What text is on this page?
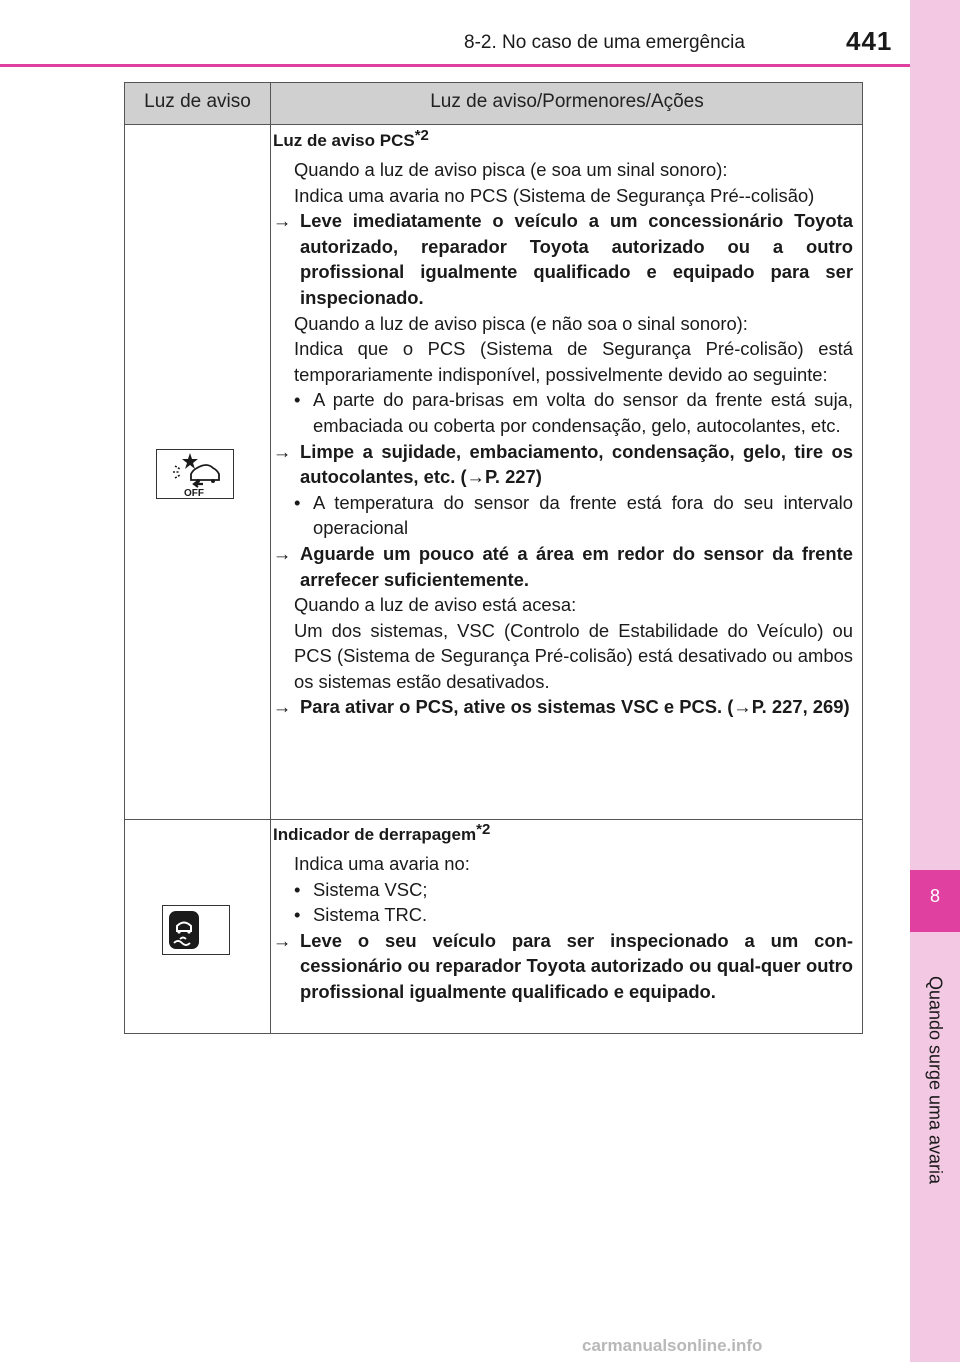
8-2. No caso de uma emergência	441
8
Quando surge uma avaria
Luz de aviso	Luz de aviso/Pormenores/Ações
OFF
Luz de aviso PCS$^{*2}$
Quando a luz de aviso pisca (e soa um sinal sonoro):
Indica uma avaria no PCS (Sistema de Segurança Pré--colisão)
→ Leve imediatamente o veículo a um concessionário Toyota autorizado, reparador Toyota autorizado ou a outro profissional igualmente qualificado e equipado para ser inspecionado.
Quando a luz de aviso pisca (e não soa o sinal sonoro):
Indica que o PCS (Sistema de Segurança Pré-colisão) está temporariamente indisponível, possivelmente devido ao seguinte:
• A parte do para-brisas em volta do sensor da frente está suja, embaciada ou coberta por condensação, gelo, autocolantes, etc.
→ Limpe a sujidade, embaciamento, condensação, gelo, tire os autocolantes, etc. (→P. 227)
• A temperatura do sensor da frente está fora do seu intervalo operacional
→ Aguarde um pouco até a área em redor do sensor da frente arrefecer suficientemente.
Quando a luz de aviso está acesa:
Um dos sistemas, VSC (Controlo de Estabilidade do Veículo) ou PCS (Sistema de Segurança Pré-colisão) está desativado ou ambos os sistemas estão desativados.
→ Para ativar o PCS, ative os sistemas VSC e PCS. (→P. 227, 269)
Indicador de derrapagem$^{*2}$
Indica uma avaria no:
• Sistema VSC;
• Sistema TRC.
→ Leve o seu veículo para ser inspecionado a um con-cessionário ou reparador Toyota autorizado ou qual-quer outro profissional igualmente qualificado e equipado.
carmanualsonline.info
